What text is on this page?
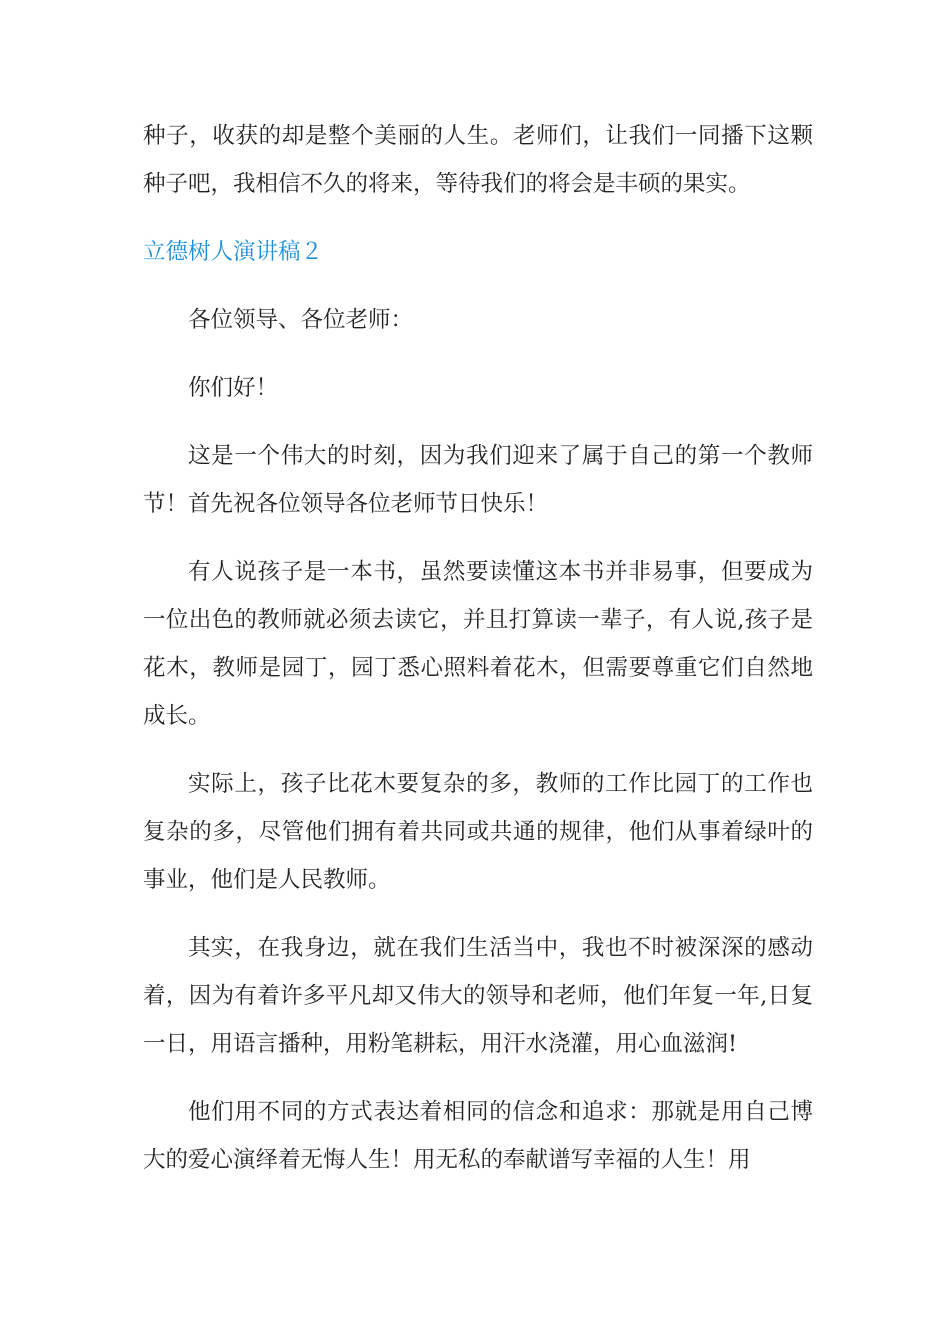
种子，收获的却是整个美丽的人生。老师们，让我们一同播下这颗种子吧，我相信不久的将来，等待我们的将会是丰硕的果实。

立德树人演讲稿２

各位领导、各位老师：

你们好！

这是一个伟大的时刻，因为我们迎来了属于自己的第一个教师节！首先祝各位领导各位老师节日快乐！

有人说孩子是一本书，虽然要读懂这本书并非易事，但要成为一位出色的教师就必须去读它，并且打算读一辈子，有人说,孩子是花木，教师是园丁，园丁悉心照料着花木，但需要尊重它们自然地成长。

实际上，孩子比花木要复杂的多，教师的工作比园丁的工作也复杂的多，尽管他们拥有着共同或共通的规律，他们从事着绿叶的事业，他们是人民教师。

其实，在我身边，就在我们生活当中，我也不时被深深的感动着，因为有着许多平凡却又伟大的领导和老师，他们年复一年,日复一日，用语言播种，用粉笔耕耘，用汗水浇灌，用心血滋润!

他们用不同的方式表达着相同的信念和追求：那就是用自己博大的爱心演绎着无悔人生！用无私的奉献谱写幸福的人生！用
